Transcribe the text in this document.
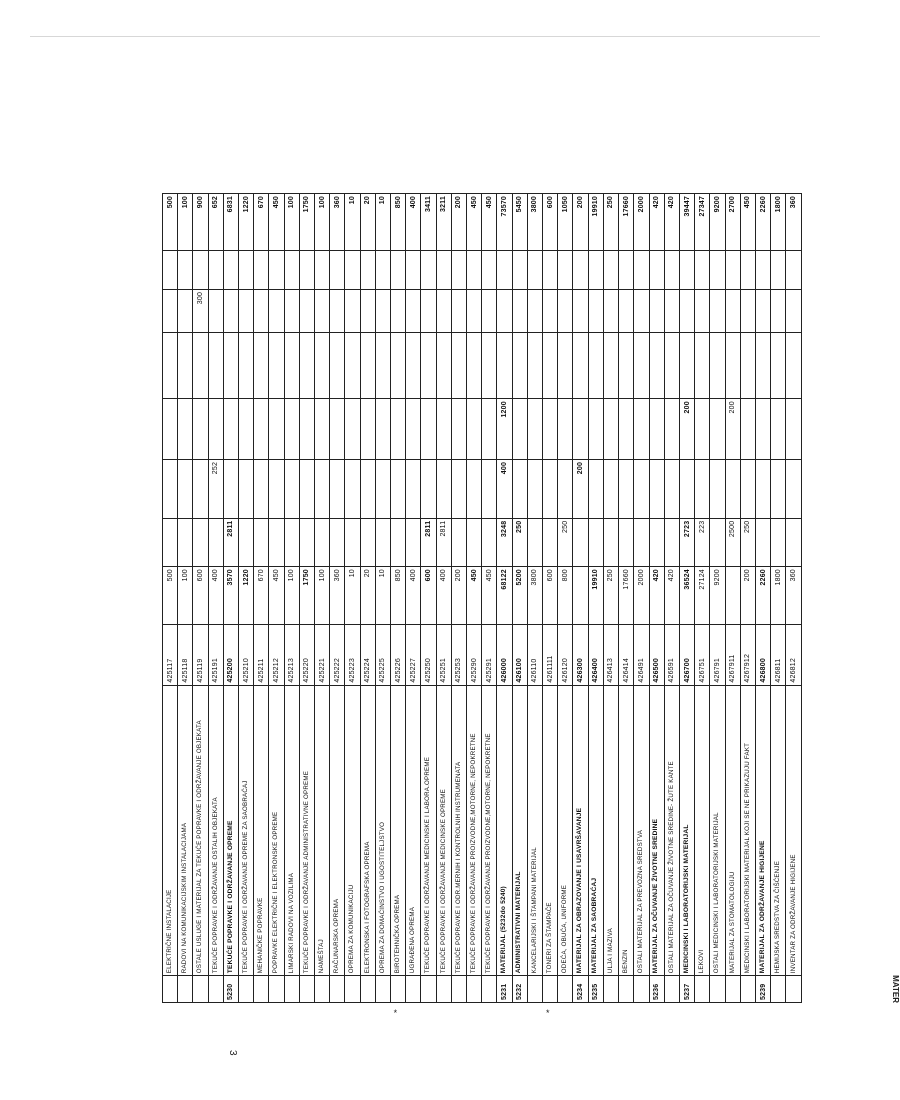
	ELEKTRIČNE INSTALACIJE	425117	500							500
	RADOVI NA KOMUNIKACIJSKIM INSTALACIJAMA	425118	100							100
	OSTALE USLUGE I MATERIJAL ZA TEKUĆE POPRAVKE I ODRŽAVANJE OBJEKATA	425119	600					300		900
	TEKUĆE POPRAVKE I ODRŽAVANJE OSTALIH OBJEKATA	425191	400		252					652
5230	TEKUĆE POPRAVKE I ODRŽAVANJE OPREME	425200	3570	2811						6831
	TEKUĆE POPRAVKE I ODRŽAVANJE OPREME ZA SAOBRAĆAJ	425210	1220							1220
	MEHANIČKE POPRAVKE	425211	670							670
	POPRAVKE ELEKTRIČNE I ELEKTRONSKE OPREME	425212	450							450
	LIMARSKI RADOVI NA VOZILIMA	425213	100							100
	TEKUĆE POPRAVKE I ODRŽAVANJE ADMINISTRATIVNE OPREME	425220	1750							1750
	NAMEŠTAJ	425221	100							100
	RAČUNARSKA OPREMA	425222	360							360
	OPREMA ZA KOMUNIKACIJU	425223	10							10
	ELEKTRONSKA I FOTOGRAFSKA OPREMA	425224	20							20
	OPREMA ZA DOMAĆINSTVO I UGOSTITELJSTVO	425225	10							10
	BIROTEHNIČKA OPREMA	425226	850							850
	UGRAĐENA OPREMA	425227	400							400
	TEKUĆE POPRAVKE I ODRŽAVANJE MEDICINSKE I LABORA.OPREME	425250	600	2811						3411
	TEKUĆE POPRAVKE I ODRŽAVANJE MEDICINSKE OPREME	425251	400	2811						3211
	TEKUĆE POPRAVKE I ODR.MERNIH I KONTROLNIH INSTRUMENATA	425253	200							200
	TEKUĆE POPRAVKE I ODRŽAVANJE PROIZVODNE,MOTORNE, NEPOKRETNE	425290	450							450
	TEKUĆE POPRAVKE I ODRŽAVANJE PROIZVODNE,MOTORNE, NEPOKRETNE	425291	450							450
5231	MATERIJAL (5232do 5240)	426000	68122	3248	400	1200				73570
5232	ADMINISTRATIVNI MATERIJAL	426100	5200	250						5450
	KANCELARIJSKI I ŠTAMPANI MATERIJAL	426110	3800							3800
	TONERI ZA ŠTAMPAČE	4261111	600							600
	ODEĆA, OBUĆA, UNIFORME	426120	800	250						1050
5234	MATERIJAL ZA OBRAZOVANJE I USAVRŠAVANJE	426300			200					200
5235	MATERIJAL ZA SAOBRAĆAJ	426400	19910							19910
	ULJA I MAZIVA	426413	250							250
	BENZIN	426414	17660							17660
	OSTALI MATERIJAL ZA PREVOZNA SREDSTVA	426491	2000							2000
5236	MATERIJAL ZA OČUVANJE ŽIVOTNE SREDINE	426500	420							420
	OSTALI MATERIJAL ZA OČUVANJE ŽIVOTNE SREDINE- ŽUTE KANTE	426591	420							420
5237	MEDICINSKI I LABORATORIJSKI MATERIJAL	426700	36524	2723		200				39447
	LEKOVI	426751	27124	223						27347
	OSTALI MEDICINSKI I LABORATORIJSKI MATERIJAL	426791	9200							9200
	MATERIJAL ZA STOMATOLOGIJU	4267911		2500		200				2700
	MEDICINSKI I LABORATORIJSKI MATERIJAL KOJI SE NE PRIKAZUJU FAKT	4267912	200	250						450
5239	MATERIJAL ZA ODRŽAVANJE HIGIJENE	426800	2260							2260
	HEMIJSKA SREDSTVA ZA ČIŠĆENJE	426811	1800							1800
	INVENTAR ZA ODRŽAVANJE HIGIJENE	426812	360							360
MATER
3
*	*
